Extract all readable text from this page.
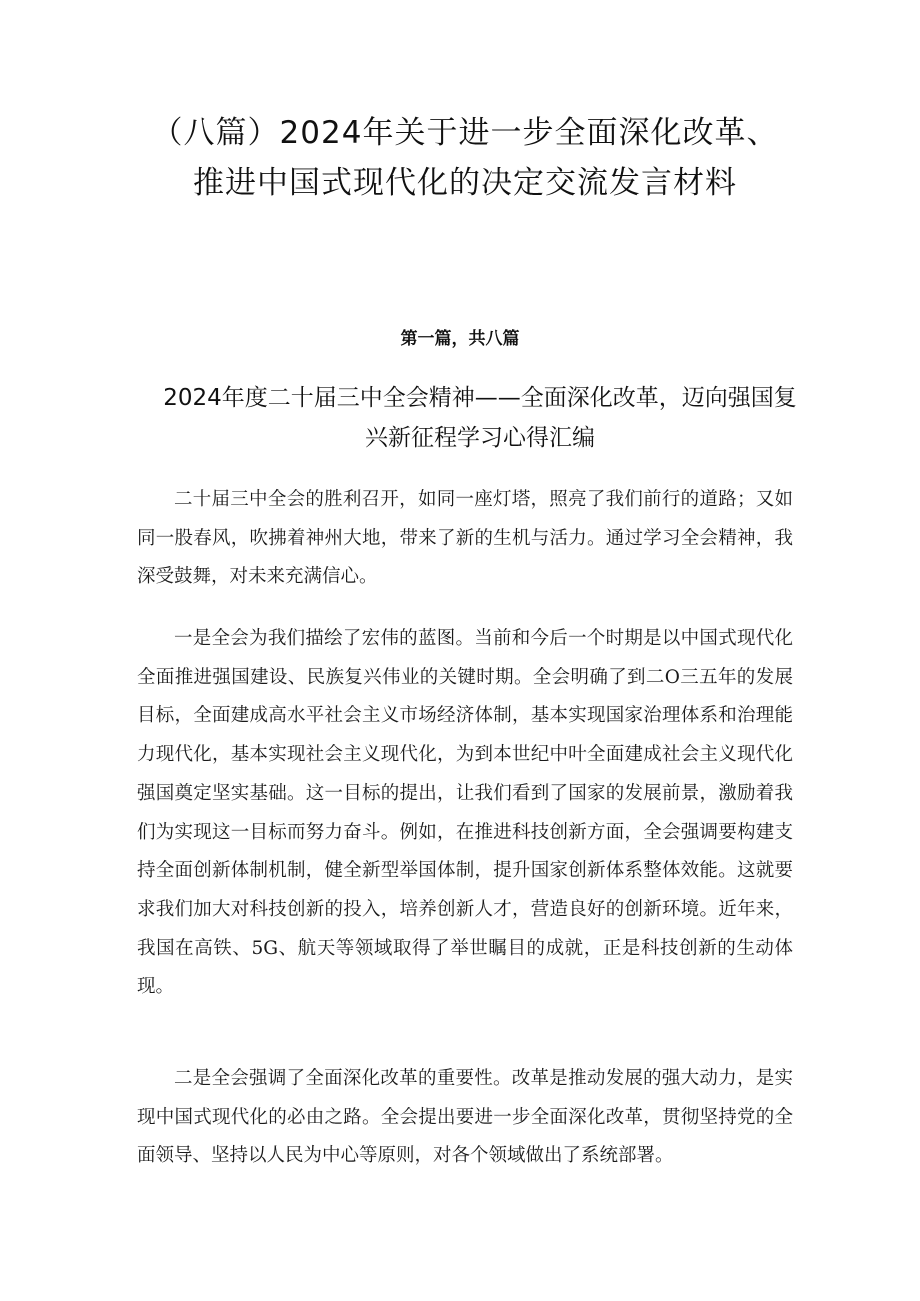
（八篇）2024年关于进一步全面深化改革、推进中国式现代化的决定交流发言材料
第一篇，共八篇
2024年度二十届三中全会精神——全面深化改革，迈向强国复兴新征程学习心得汇编

二十届三中全会的胜利召开，如同一座灯塔，照亮了我们前行的道路；又如同一股春风，吹拂着神州大地，带来了新的生机与活力。通过学习全会精神，我深受鼓舞，对未来充满信心。

一是全会为我们描绘了宏伟的蓝图。当前和今后一个时期是以中国式现代化全面推进强国建设、民族复兴伟业的关键时期。全会明确了到二O三五年的发展目标，全面建成高水平社会主义市场经济体制，基本实现国家治理体系和治理能力现代化，基本实现社会主义现代化，为到本世纪中叶全面建成社会主义现代化强国奠定坚实基础。这一目标的提出，让我们看到了国家的发展前景，激励着我们为实现这一目标而努力奋斗。例如，在推进科技创新方面，全会强调要构建支持全面创新体制机制，健全新型举国体制，提升国家创新体系整体效能。这就要求我们加大对科技创新的投入，培养创新人才，营造良好的创新环境。近年来，我国在高铁、5G、航天等领域取得了举世瞩目的成就，正是科技创新的生动体现。

二是全会强调了全面深化改革的重要性。改革是推动发展的强大动力，是实现中国式现代化的必由之路。全会提出要进一步全面深化改革，贯彻坚持党的全面领导、坚持以人民为中心等原则，对各个领域做出了系统部署。
